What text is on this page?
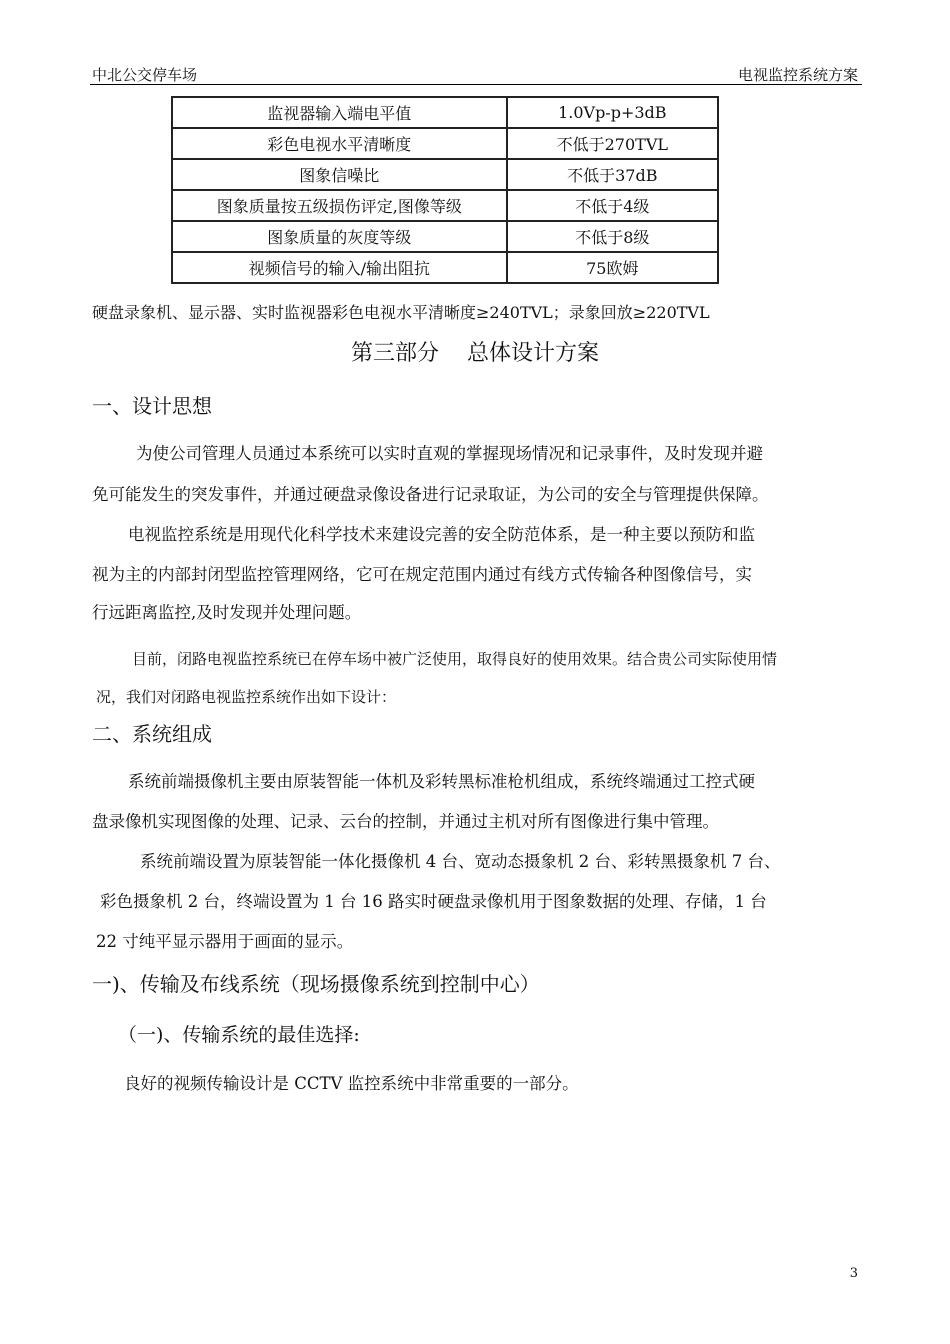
中北公交停车场	电视监控系统方案
监视器输入端电平值	1.0Vp-p+3dB
彩色电视水平清晰度	不低于270TVL
图象信噪比	不低于37dB
图象质量按五级损伤评定,图像等级	不低于4级
图象质量的灰度等级	不低于8级
视频信号的输入/输出阻抗	75欧姆
硬盘录象机、显示器、实时监视器彩色电视水平清晰度≥240TVL；录象回放≥220TVL
第三部分    总体设计方案
一、设计思想
为使公司管理人员通过本系统可以实时直观的掌握现场情况和记录事件，及时发现并避
免可能发生的突发事件，并通过硬盘录像设备进行记录取证，为公司的安全与管理提供保障。
电视监控系统是用现代化科学技术来建设完善的安全防范体系，是一种主要以预防和监
视为主的内部封闭型监控管理网络，它可在规定范围内通过有线方式传输各种图像信号，实
行远距离监控,及时发现并处理问题。
目前，闭路电视监控系统已在停车场中被广泛使用，取得良好的使用效果。结合贵公司实际使用情
况，我们对闭路电视监控系统作出如下设计：
二、系统组成
系统前端摄像机主要由原装智能一体机及彩转黑标准枪机组成，系统终端通过工控式硬
盘录像机实现图像的处理、记录、云台的控制，并通过主机对所有图像进行集中管理。
系统前端设置为原装智能一体化摄像机 4 台、宽动态摄象机 2 台、彩转黑摄象机 7 台、
彩色摄象机 2 台，终端设置为 1 台 16 路实时硬盘录像机用于图象数据的处理、存储，1 台
22 寸纯平显示器用于画面的显示。
一)、传输及布线系统（现场摄像系统到控制中心）
（一)、传输系统的最佳选择:
良好的视频传输设计是 CCTV 监控系统中非常重要的一部分。
3
